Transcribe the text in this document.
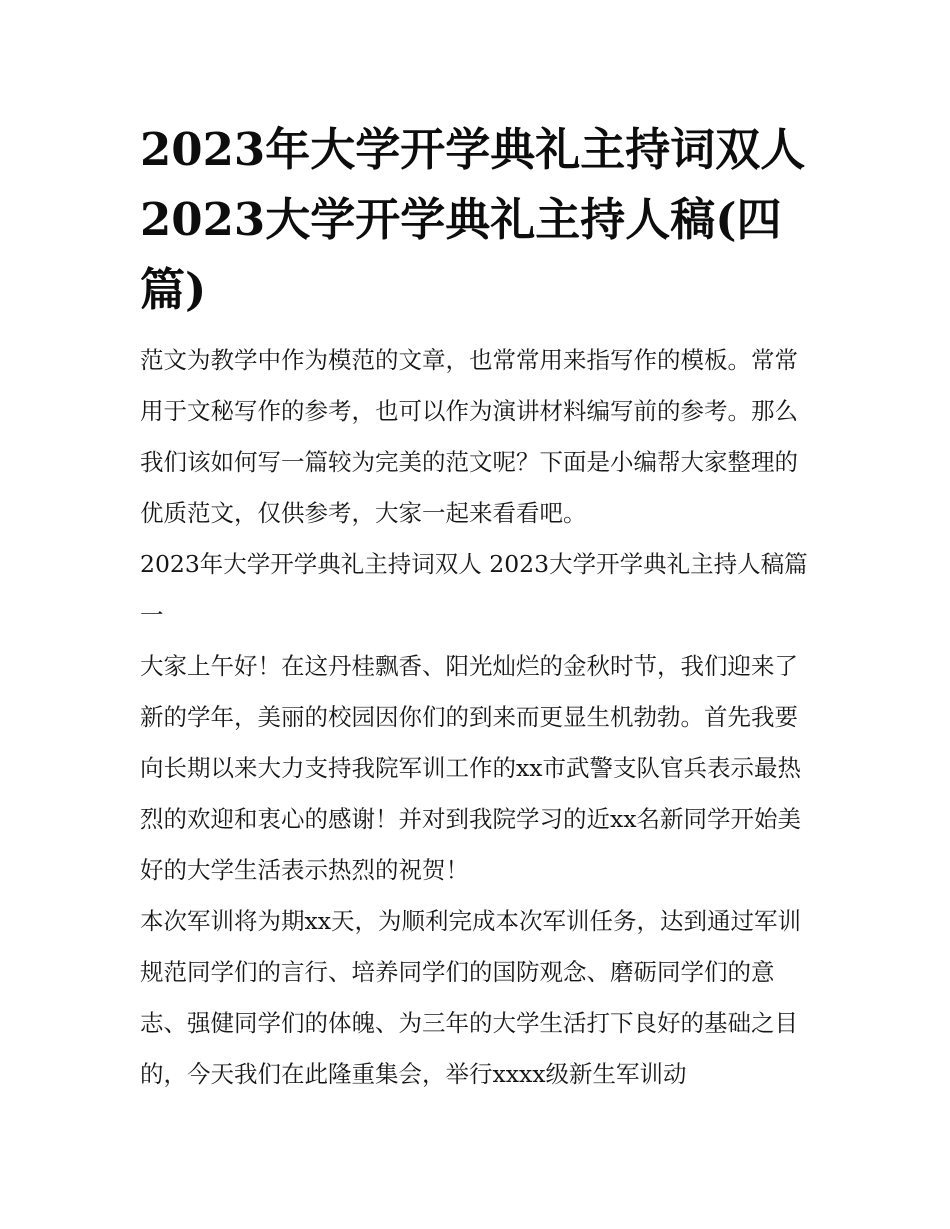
2023年大学开学典礼主持词双人 2023大学开学典礼主持人稿(四篇)

范文为教学中作为模范的文章，也常常用来指写作的模板。常常用于文秘写作的参考，也可以作为演讲材料编写前的参考。那么我们该如何写一篇较为完美的范文呢？下面是小编帮大家整理的优质范文，仅供参考，大家一起来看看吧。

2023年大学开学典礼主持词双人 2023大学开学典礼主持人稿篇一

大家上午好！在这丹桂飘香、阳光灿烂的金秋时节，我们迎来了新的学年，美丽的校园因你们的到来而更显生机勃勃。首先我要向长期以来大力支持我院军训工作的xx市武警支队官兵表示最热烈的欢迎和衷心的感谢！并对到我院学习的近xx名新同学开始美好的大学生活表示热烈的祝贺！

本次军训将为期xx天，为顺利完成本次军训任务，达到通过军训规范同学们的言行、培养同学们的国防观念、磨砺同学们的意志、强健同学们的体魄、为三年的大学生活打下良好的基础之目的，今天我们在此隆重集会，举行xxxx级新生军训动
